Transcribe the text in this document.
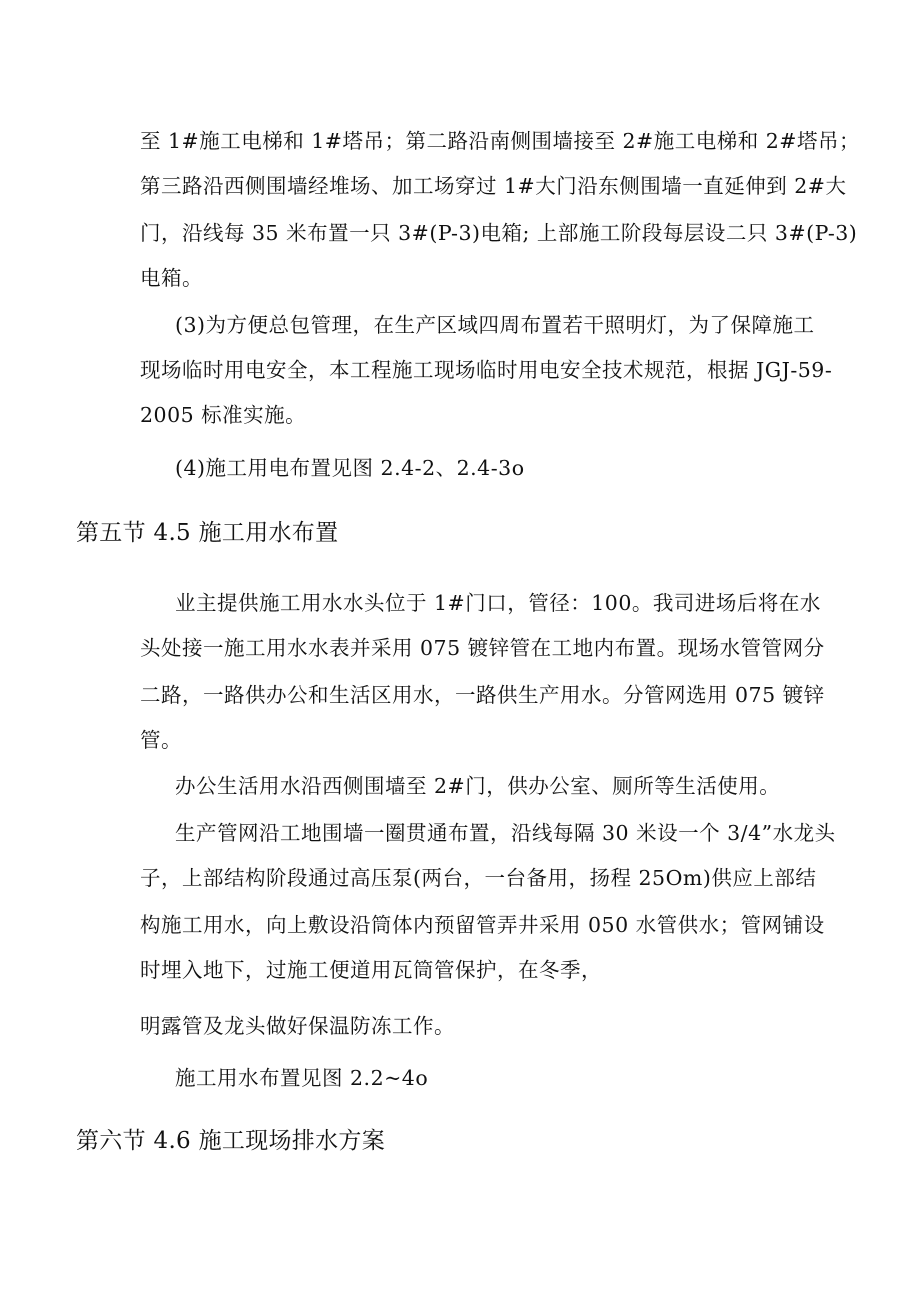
至 1#施工电梯和 1#塔吊；第二路沿南侧围墙接至 2#施工电梯和 2#塔吊；
第三路沿西侧围墙经堆场、加工场穿过 1#大门沿东侧围墙一直延伸到 2#大
门，沿线每 35 米布置一只 3#(P-3)电箱; 上部施工阶段每层设二只 3#(P-3)
电箱。
(3)为方便总包管理，在生产区域四周布置若干照明灯，为了保障施工
现场临时用电安全，本工程施工现场临时用电安全技术规范，根据 JGJ-59-
2005 标准实施。
(4)施工用电布置见图 2.4-2、2.4-3o
第五节 4.5 施工用水布置
业主提供施工用水水头位于 1#门口，管径：100。我司进场后将在水
头处接一施工用水水表并采用 075 镀锌管在工地内布置。现场水管管网分
二路，一路供办公和生活区用水，一路供生产用水。分管网选用 075 镀锌
管。
办公生活用水沿西侧围墙至 2#门，供办公室、厕所等生活使用。
生产管网沿工地围墙一圈贯通布置，沿线每隔 30 米设一个 3/4”水龙头
子，上部结构阶段通过高压泵(两台，一台备用，扬程 25Om)供应上部结
构施工用水，向上敷设沿筒体内预留管弄井采用 050 水管供水；管网铺设
时埋入地下，过施工便道用瓦筒管保护，在冬季，
明露管及龙头做好保温防冻工作。
施工用水布置见图 2.2~4o
第六节 4.6 施工现场排水方案
